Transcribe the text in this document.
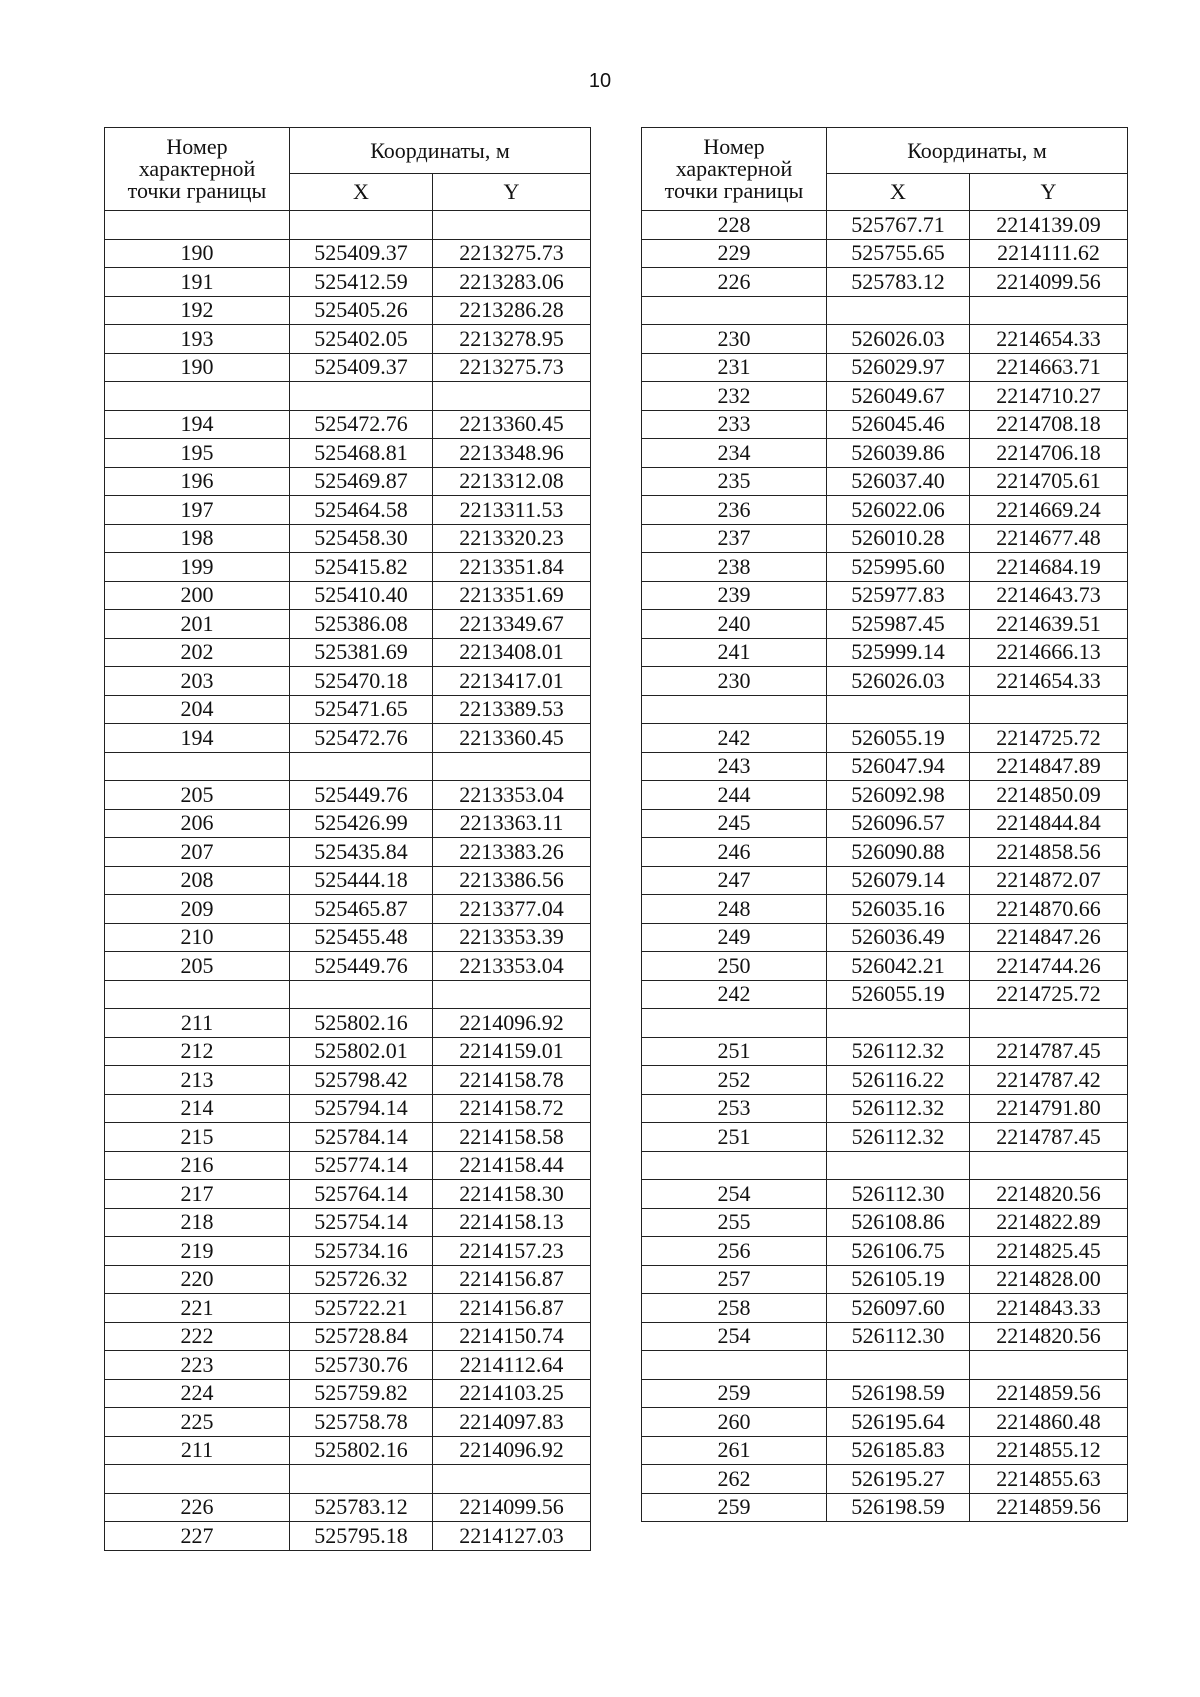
10
Номер
характерной
точки границы	Координаты, м	
	X	Y

190	525409.37	2213275.73
191	525412.59	2213283.06
192	525405.26	2213286.28
193	525402.05	2213278.95
190	525409.37	2213275.73

194	525472.76	2213360.45
195	525468.81	2213348.96
196	525469.87	2213312.08
197	525464.58	2213311.53
198	525458.30	2213320.23
199	525415.82	2213351.84
200	525410.40	2213351.69
201	525386.08	2213349.67
202	525381.69	2213408.01
203	525470.18	2213417.01
204	525471.65	2213389.53
194	525472.76	2213360.45

205	525449.76	2213353.04
206	525426.99	2213363.11
207	525435.84	2213383.26
208	525444.18	2213386.56
209	525465.87	2213377.04
210	525455.48	2213353.39
205	525449.76	2213353.04

211	525802.16	2214096.92
212	525802.01	2214159.01
213	525798.42	2214158.78
214	525794.14	2214158.72
215	525784.14	2214158.58
216	525774.14	2214158.44
217	525764.14	2214158.30
218	525754.14	2214158.13
219	525734.16	2214157.23
220	525726.32	2214156.87
221	525722.21	2214156.87
222	525728.84	2214150.74
223	525730.76	2214112.64
224	525759.82	2214103.25
225	525758.78	2214097.83
211	525802.16	2214096.92

226	525783.12	2214099.56
227	525795.18	2214127.03
Номер
характерной
точки границы	Координаты, м	
	X	Y
228	525767.71	2214139.09
229	525755.65	2214111.62
226	525783.12	2214099.56

230	526026.03	2214654.33
231	526029.97	2214663.71
232	526049.67	2214710.27
233	526045.46	2214708.18
234	526039.86	2214706.18
235	526037.40	2214705.61
236	526022.06	2214669.24
237	526010.28	2214677.48
238	525995.60	2214684.19
239	525977.83	2214643.73
240	525987.45	2214639.51
241	525999.14	2214666.13
230	526026.03	2214654.33

242	526055.19	2214725.72
243	526047.94	2214847.89
244	526092.98	2214850.09
245	526096.57	2214844.84
246	526090.88	2214858.56
247	526079.14	2214872.07
248	526035.16	2214870.66
249	526036.49	2214847.26
250	526042.21	2214744.26
242	526055.19	2214725.72

251	526112.32	2214787.45
252	526116.22	2214787.42
253	526112.32	2214791.80
251	526112.32	2214787.45

254	526112.30	2214820.56
255	526108.86	2214822.89
256	526106.75	2214825.45
257	526105.19	2214828.00
258	526097.60	2214843.33
254	526112.30	2214820.56

259	526198.59	2214859.56
260	526195.64	2214860.48
261	526185.83	2214855.12
262	526195.27	2214855.63
259	526198.59	2214859.56
